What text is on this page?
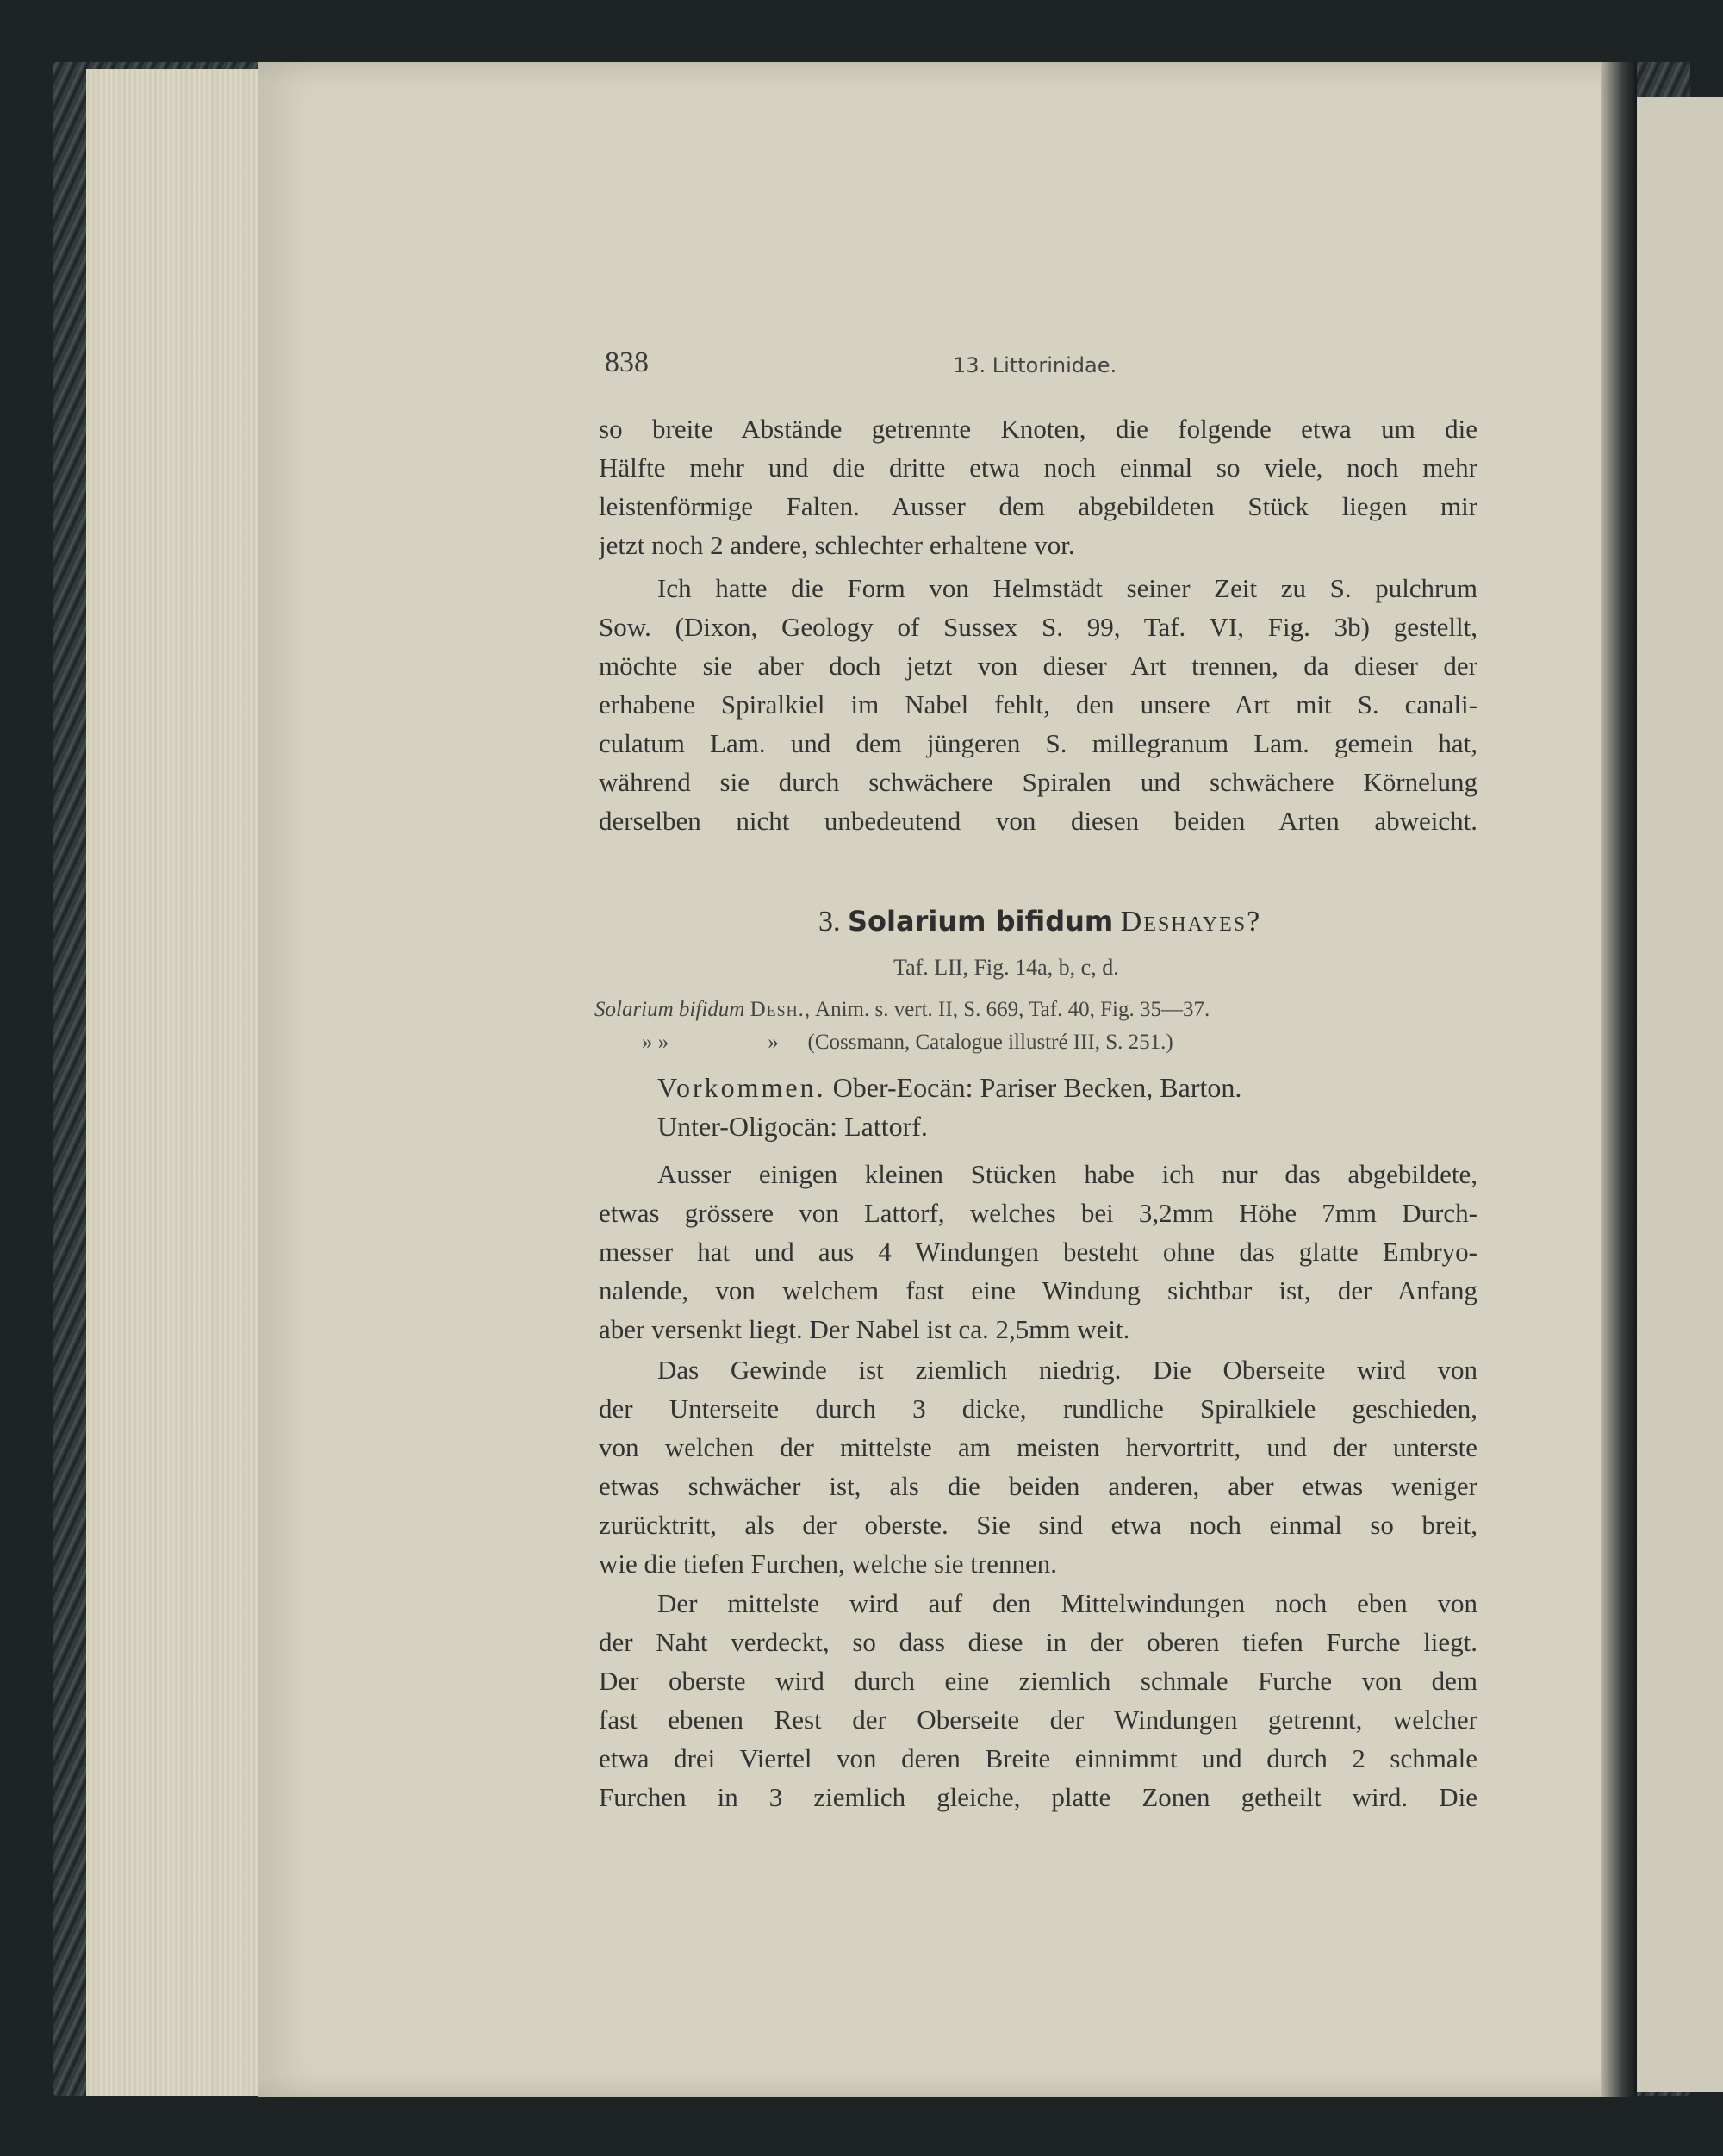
838	13. Littorinidae.
so breite Abstände getrennte Knoten, die folgende etwa um die
Hälfte mehr und die dritte etwa noch einmal so viele, noch mehr
leistenförmige Falten. Ausser dem abgebildeten Stück liegen mir
jetzt noch 2 andere, schlechter erhaltene vor.
Ich hatte die Form von Helmstädt seiner Zeit zu S. pulchrum
Sow. (Dixon, Geology of Sussex S. 99, Taf. VI, Fig. 3b) gestellt,
möchte sie aber doch jetzt von dieser Art trennen, da dieser der
erhabene Spiralkiel im Nabel fehlt, den unsere Art mit S. canali-
culatum Lam. und dem jüngeren S. millegranum Lam. gemein hat,
während sie durch schwächere Spiralen und schwächere Körnelung
derselben nicht unbedeutend von diesen beiden Arten abweicht.
3. Solarium bifidum Deshayes?
Taf. LII, Fig. 14a, b, c, d.
Solarium bifidum Desh., Anim. s. vert. II, S. 669, Taf. 40, Fig. 35—37.
» »	» (Cossmann, Catalogue illustré III, S. 251.)
Vorkommen. Ober-Eocän: Pariser Becken, Barton.
Unter-Oligocän: Lattorf.
Ausser einigen kleinen Stücken habe ich nur das abgebildete,
etwas grössere von Lattorf, welches bei 3,2mm Höhe 7mm Durch-
messer hat und aus 4 Windungen besteht ohne das glatte Embryo-
nalende, von welchem fast eine Windung sichtbar ist, der Anfang
aber versenkt liegt. Der Nabel ist ca. 2,5mm weit.
Das Gewinde ist ziemlich niedrig. Die Oberseite wird von
der Unterseite durch 3 dicke, rundliche Spiralkiele geschieden,
von welchen der mittelste am meisten hervortritt, und der unterste
etwas schwächer ist, als die beiden anderen, aber etwas weniger
zurücktritt, als der oberste. Sie sind etwa noch einmal so breit,
wie die tiefen Furchen, welche sie trennen.
Der mittelste wird auf den Mittelwindungen noch eben von
der Naht verdeckt, so dass diese in der oberen tiefen Furche liegt.
Der oberste wird durch eine ziemlich schmale Furche von dem
fast ebenen Rest der Oberseite der Windungen getrennt, welcher
etwa drei Viertel von deren Breite einnimmt und durch 2 schmale
Furchen in 3 ziemlich gleiche, platte Zonen getheilt wird. Die
